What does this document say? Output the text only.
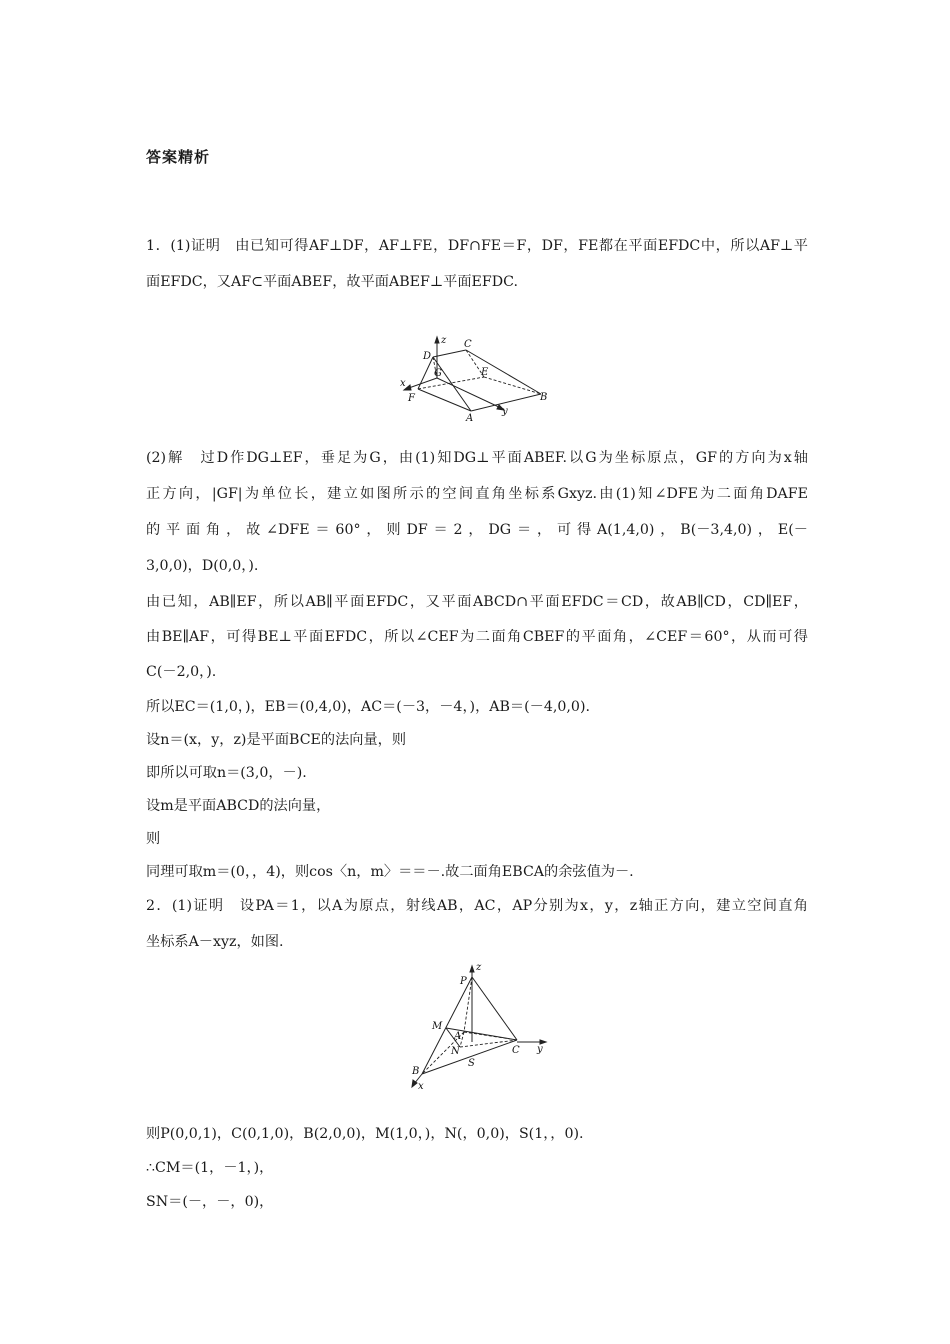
答案精析
1．(1)证明　由已知可得AF⊥DF，AF⊥FE，DF∩FE＝F，DF，FE都在平面EFDC中，所以AF⊥平
面EFDC，又AF⊂平面ABEF，故平面ABEF⊥平面EFDC.
z
D
C
E
G
x
F
A
y
B
(2)解　过D作DG⊥EF，垂足为G，由(1)知DG⊥平面ABEF.以G为坐标原点，GF的方向为x轴
正方向，|GF|为单位长，建立如图所示的空间直角坐标系Gxyz.由(1)知∠DFE为二面角DAFE
的平面角，故∠DFE＝60°，则DF＝2，DG＝，可得A(1,4,0)，B(－3,4,0)，E(－
3,0,0)，D(0,0，).
由已知，AB∥EF，所以AB∥平面EFDC，又平面ABCD∩平面EFDC＝CD，故AB∥CD，CD∥EF，
由BE∥AF，可得BE⊥平面EFDC，所以∠CEF为二面角CBEF的平面角，∠CEF＝60°，从而可得
C(－2,0，).
所以EC＝(1,0，)，EB＝(0,4,0)，AC＝(－3，－4，)，AB＝(－4,0,0).
设n＝(x，y，z)是平面BCE的法向量，则
即所以可取n＝(3,0，－).
设m是平面ABCD的法向量，
则
同理可取m＝(0，，4)，则cos〈n，m〉＝＝－.故二面角EBCA的余弦值为－.
2．(1)证明　设PA＝1，以A为原点，射线AB，AC，AP分别为x，y，z轴正方向，建立空间直角
坐标系A－xyz，如图.
P
z
M
A
N	C y
S
B
x
则P(0,0,1)，C(0,1,0)，B(2,0,0)，M(1,0，)，N(，0,0)，S(1，，0).
∴CM＝(1，－1，)，
SN＝(－，－，0)，
